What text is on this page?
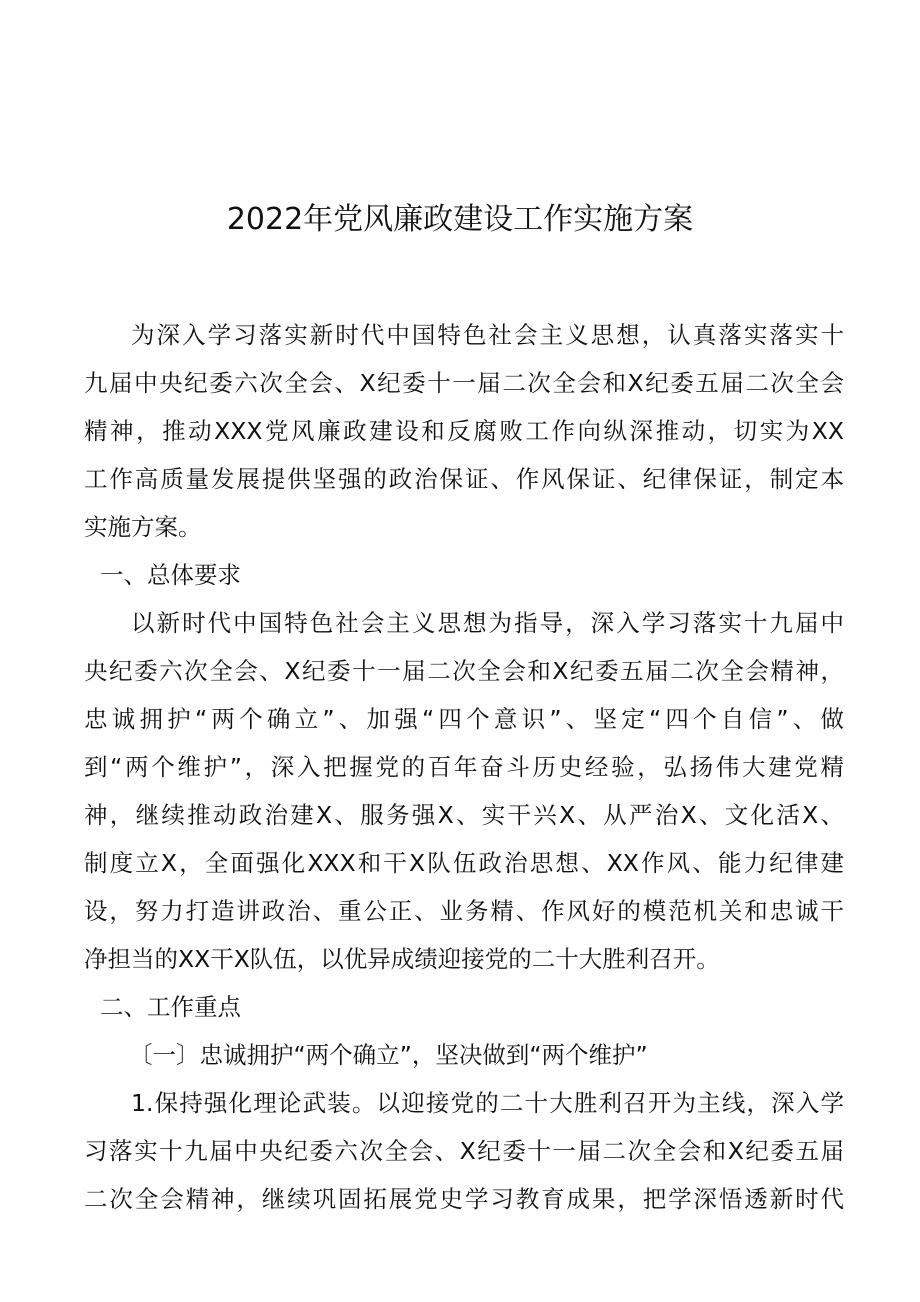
2022年党风廉政建设工作实施方案
为深入学习落实新时代中国特色社会主义思想，认真落实落实十
九届中央纪委六次全会、X纪委十一届二次全会和X纪委五届二次全会
精神，推动XXX党风廉政建设和反腐败工作向纵深推动，切实为XX
工作高质量发展提供坚强的政治保证、作风保证、纪律保证，制定本
实施方案。
一、总体要求
以新时代中国特色社会主义思想为指导，深入学习落实十九届中
央纪委六次全会、X纪委十一届二次全会和X纪委五届二次全会精神，
忠诚拥护“两个确立”、加强“四个意识”、坚定“四个自信”、做
到“两个维护”，深入把握党的百年奋斗历史经验，弘扬伟大建党精
神，继续推动政治建X、服务强X、实干兴X、从严治X、文化活X、
制度立X，全面强化XXX和干X队伍政治思想、XX作风、能力纪律建
设，努力打造讲政治、重公正、业务精、作风好的模范机关和忠诚干
净担当的XX干X队伍，以优异成绩迎接党的二十大胜利召开。
二、工作重点
〔一〕忠诚拥护“两个确立”，坚决做到“两个维护”
1.保持强化理论武装。以迎接党的二十大胜利召开为主线，深入学
习落实十九届中央纪委六次全会、X纪委十一届二次全会和X纪委五届
二次全会精神，继续巩固拓展党史学习教育成果，把学深悟透新时代
